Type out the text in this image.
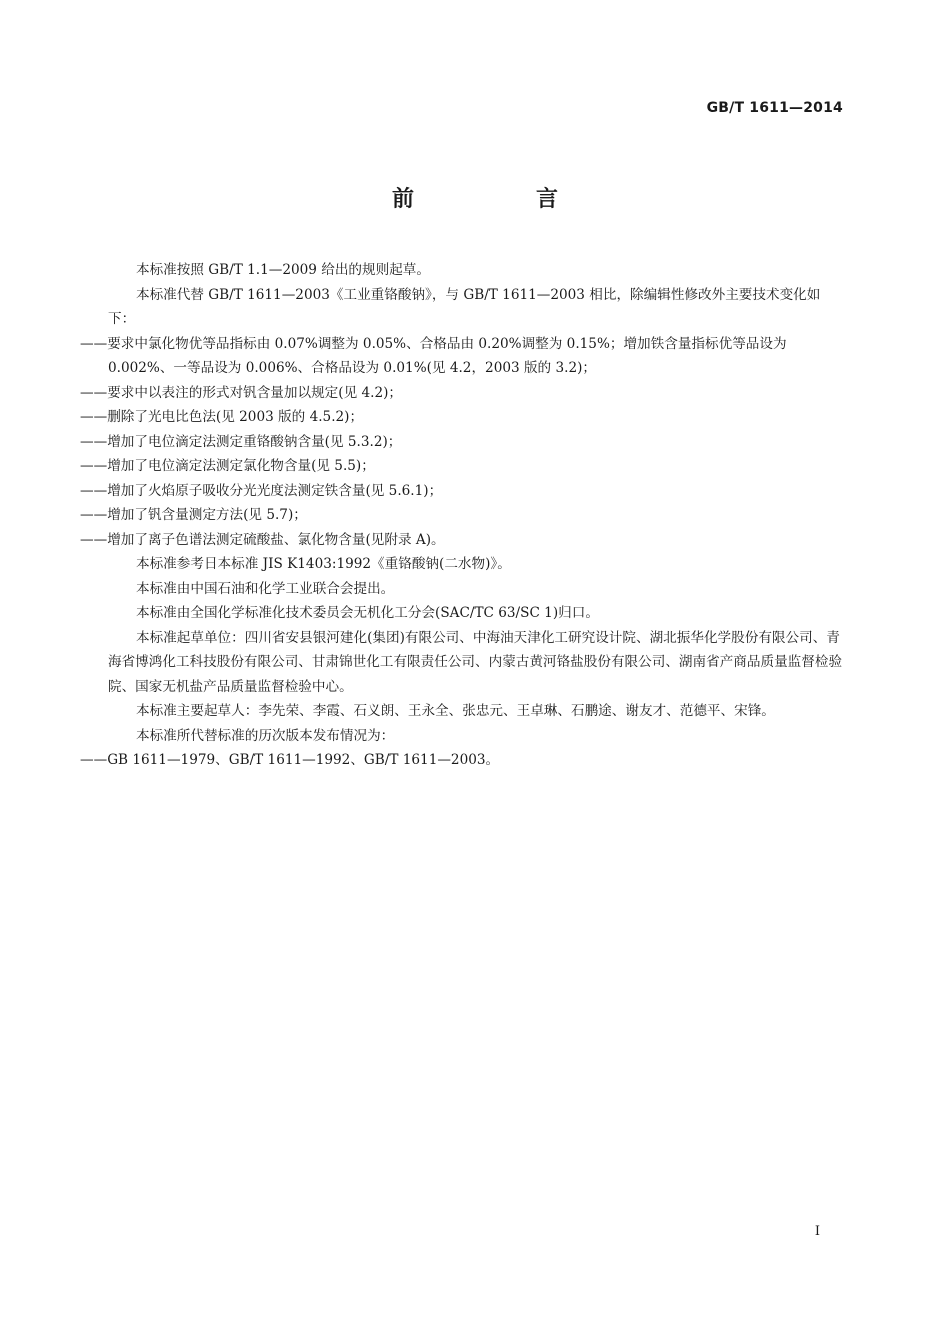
GB/T 1611—2014
前　言

本标准按照 GB/T 1.1—2009 给出的规则起草。

本标准代替 GB/T 1611—2003《工业重铬酸钠》，与 GB/T 1611—2003 相比，除编辑性修改外主要技术变化如下：

——要求中氯化物优等品指标由 0.07%调整为 0.05%、合格品由 0.20%调整为 0.15%；增加铁含量指标优等品设为 0.002%、一等品设为 0.006%、合格品设为 0.01%(见 4.2，2003 版的 3.2)；

——要求中以表注的形式对钒含量加以规定(见 4.2)；

——删除了光电比色法(见 2003 版的 4.5.2)；

——增加了电位滴定法测定重铬酸钠含量(见 5.3.2)；

——增加了电位滴定法测定氯化物含量(见 5.5)；

——增加了火焰原子吸收分光光度法测定铁含量(见 5.6.1)；

——增加了钒含量测定方法(见 5.7)；

——增加了离子色谱法测定硫酸盐、氯化物含量(见附录 A)。

本标准参考日本标准 JIS K1403:1992《重铬酸钠(二水物)》。

本标准由中国石油和化学工业联合会提出。

本标准由全国化学标准化技术委员会无机化工分会(SAC/TC 63/SC 1)归口。

本标准起草单位：四川省安县银河建化(集团)有限公司、中海油天津化工研究设计院、湖北振华化学股份有限公司、青海省博鸿化工科技股份有限公司、甘肃锦世化工有限责任公司、内蒙古黄河铬盐股份有限公司、湖南省产商品质量监督检验院、国家无机盐产品质量监督检验中心。

本标准主要起草人：李先荣、李霞、石义朗、王永全、张忠元、王卓琳、石鹏途、谢友才、范德平、宋锋。

本标准所代替标准的历次版本发布情况为：

——GB 1611—1979、GB/T 1611—1992、GB/T 1611—2003。

I
